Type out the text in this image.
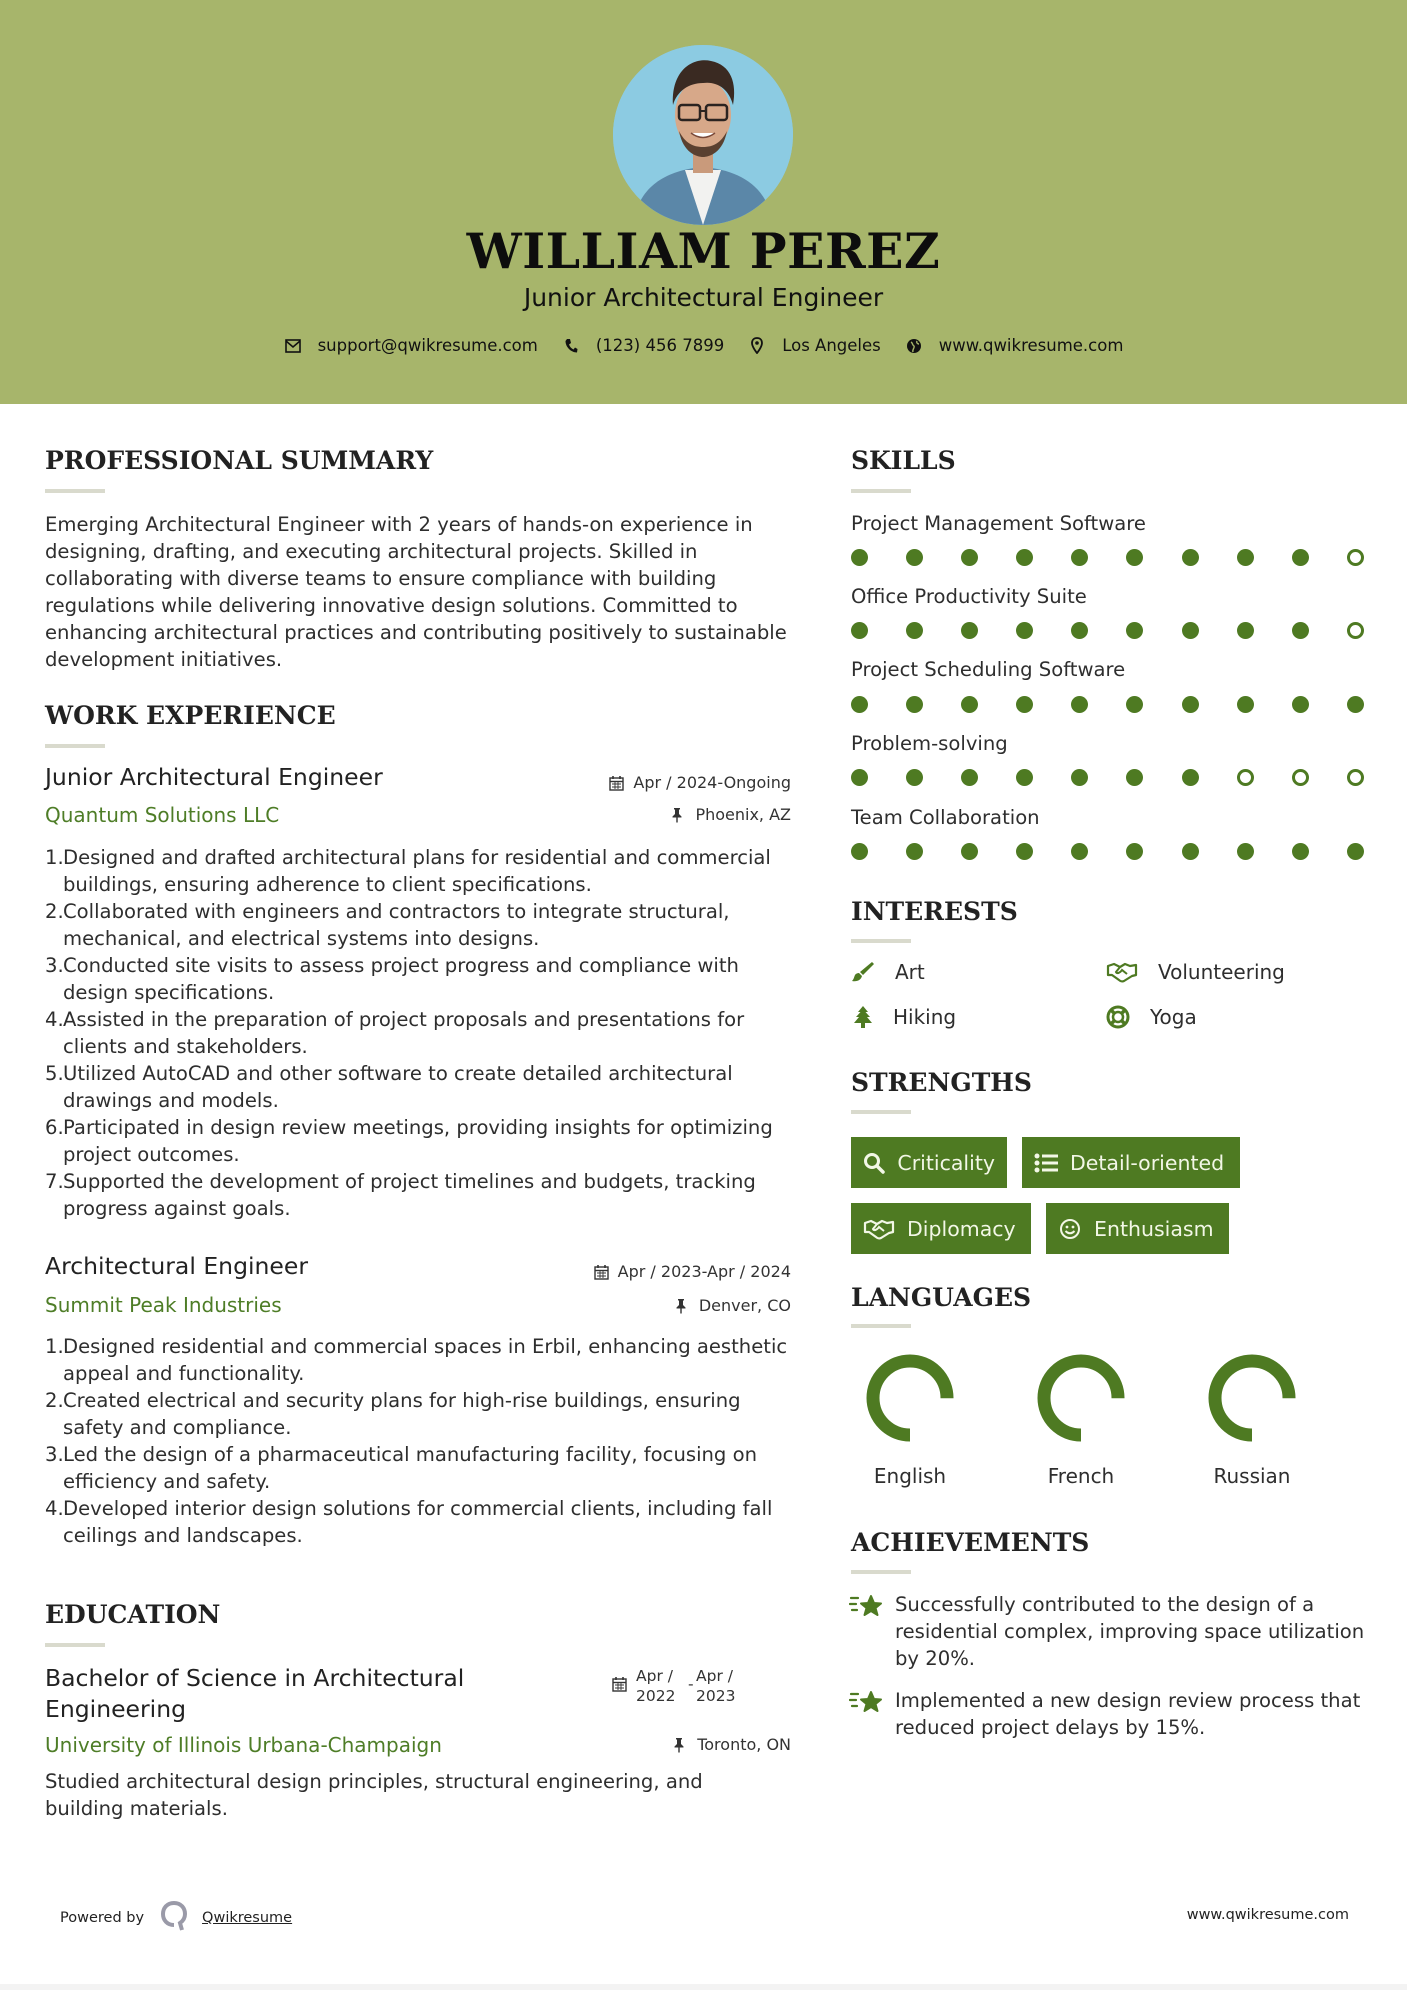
WILLIAM PEREZ
Junior Architectural Engineer
support@qwikresume.com	(123) 456 7899	Los Angeles	www.qwikresume.com
PROFESSIONAL SUMMARY
Emerging Architectural Engineer with 2 years of hands-on experience in designing, drafting, and executing architectural projects. Skilled in collaborating with diverse teams to ensure compliance with building regulations while delivering innovative design solutions. Committed to enhancing architectural practices and contributing positively to sustainable development initiatives.
WORK EXPERIENCE
Junior Architectural Engineer	Apr / 2024-Ongoing
Quantum Solutions LLC	Phoenix, AZ
1. Designed and drafted architectural plans for residential and commercial buildings, ensuring adherence to client specifications.
2. Collaborated with engineers and contractors to integrate structural, mechanical, and electrical systems into designs.
3. Conducted site visits to assess project progress and compliance with design specifications.
4. Assisted in the preparation of project proposals and presentations for clients and stakeholders.
5. Utilized AutoCAD and other software to create detailed architectural drawings and models.
6. Participated in design review meetings, providing insights for optimizing project outcomes.
7. Supported the development of project timelines and budgets, tracking progress against goals.
Architectural Engineer	Apr / 2023-Apr / 2024
Summit Peak Industries	Denver, CO
1. Designed residential and commercial spaces in Erbil, enhancing aesthetic appeal and functionality.
2. Created electrical and security plans for high-rise buildings, ensuring safety and compliance.
3. Led the design of a pharmaceutical manufacturing facility, focusing on efficiency and safety.
4. Developed interior design solutions for commercial clients, including fall ceilings and landscapes.
EDUCATION
Bachelor of Science in Architectural Engineering
Apr /
2022
- Apr /
2023
University of Illinois Urbana-Champaign	Toronto, ON
Studied architectural design principles, structural engineering, and building materials.
SKILLS
Project Management Software
Office Productivity Suite
Project Scheduling Software
Problem-solving
Team Collaboration
INTERESTS
Art	Volunteering
Hiking	Yoga
STRENGTHS
Criticality	Detail-oriented
Diplomacy	Enthusiasm
LANGUAGES
English	French	Russian
ACHIEVEMENTS
Successfully contributed to the design of a residential complex, improving space utilization by 20%.
Implemented a new design review process that reduced project delays by 15%.
Powered by	Qwikresume	www.qwikresume.com
